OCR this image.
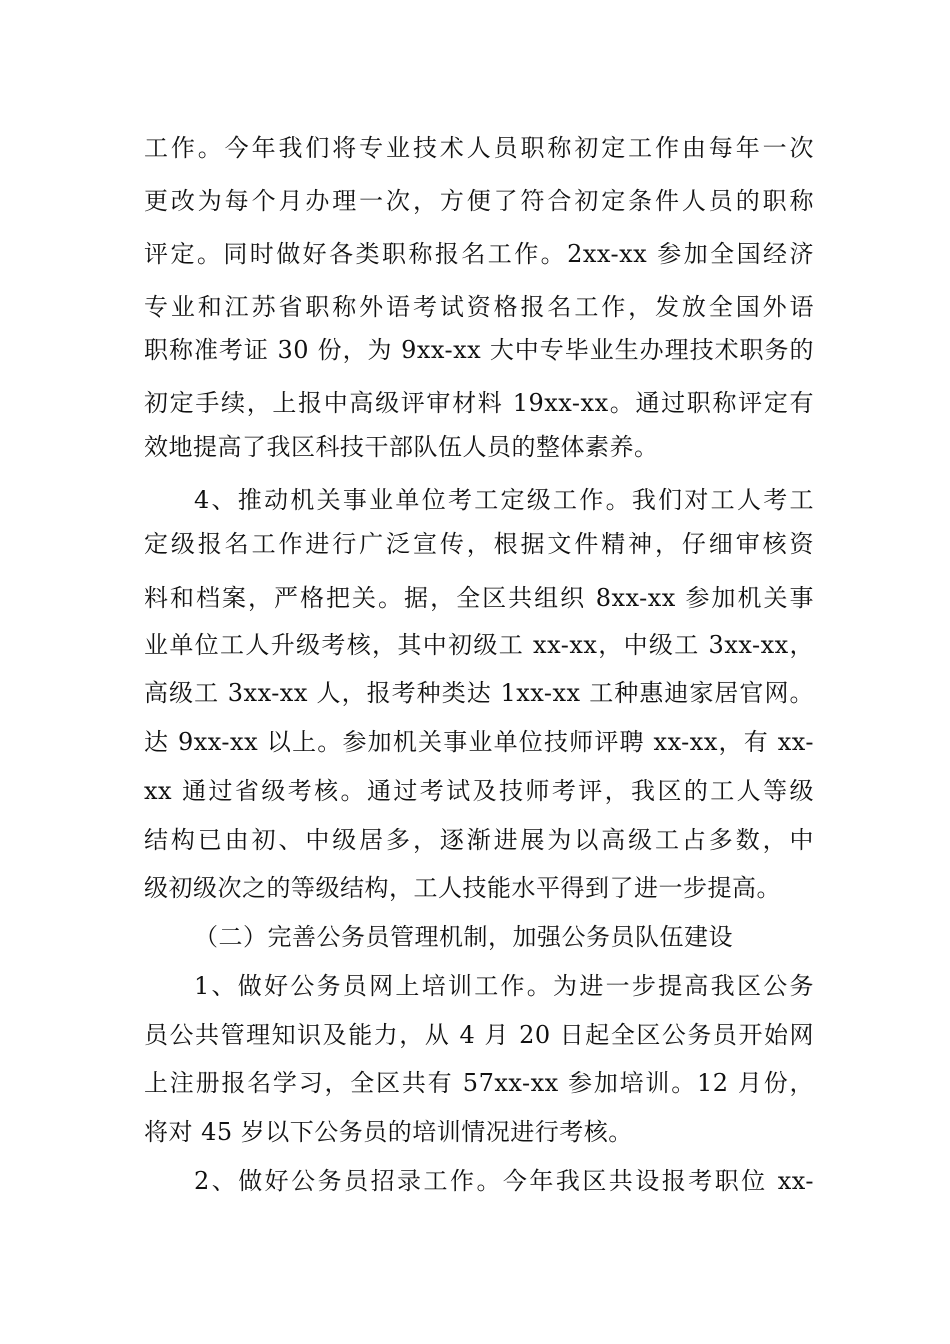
工作。今年我们将专业技术人员职称初定工作由每年一次
更改为每个月办理一次，方便了符合初定条件人员的职称
评定。同时做好各类职称报名工作。2xx-xx 参加全国经济
专业和江苏省职称外语考试资格报名工作，发放全国外语
职称准考证 30 份，为 9xx-xx 大中专毕业生办理技术职务的
初定手续，上报中高级评审材料 19xx-xx。通过职称评定有
效地提高了我区科技干部队伍人员的整体素养。
4、推动机关事业单位考工定级工作。我们对工人考工
定级报名工作进行广泛宣传，根据文件精神，仔细审核资
料和档案，严格把关。据，全区共组织 8xx-xx 参加机关事
业单位工人升级考核，其中初级工 xx-xx，中级工 3xx-xx，
高级工 3xx-xx 人，报考种类达 1xx-xx 工种惠迪家居官网。
达 9xx-xx 以上。参加机关事业单位技师评聘 xx-xx，有 xx-
xx 通过省级考核。通过考试及技师考评，我区的工人等级
结构已由初、中级居多，逐渐进展为以高级工占多数，中
级初级次之的等级结构，工人技能水平得到了进一步提高。
（二）完善公务员管理机制，加强公务员队伍建设
1、做好公务员网上培训工作。为进一步提高我区公务
员公共管理知识及能力，从 4 月 20 日起全区公务员开始网
上注册报名学习，全区共有 57xx-xx 参加培训。12 月份，
将对 45 岁以下公务员的培训情况进行考核。
2、做好公务员招录工作。今年我区共设报考职位 xx-
